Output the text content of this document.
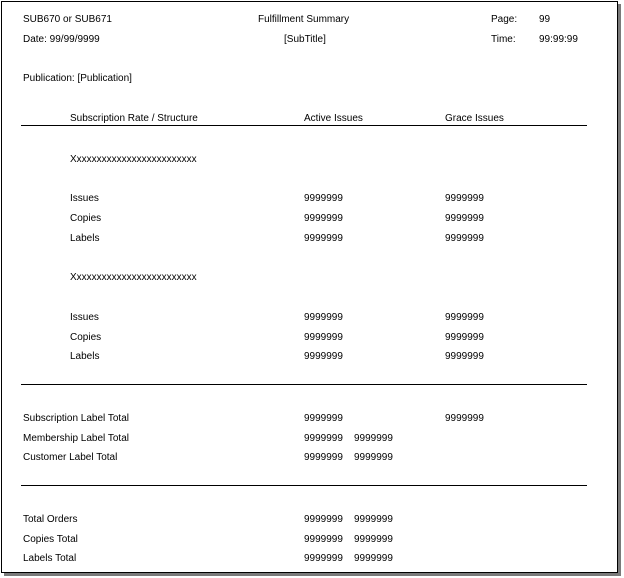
SUB670 or SUB671	Fulfillment Summary	Page: 99
Date: 99/99/9999	[SubTitle]	Time: 99:99:99
Publication: [Publication]
Subscription Rate / Structure	Active Issues	Grace Issues
Xxxxxxxxxxxxxxxxxxxxxxxxx
Issues	9999999	9999999
Copies	9999999	9999999
Labels	9999999	9999999
Xxxxxxxxxxxxxxxxxxxxxxxxx
Issues	9999999	9999999
Copies	9999999	9999999
Labels	9999999	9999999
Subscription Label Total	9999999	9999999
Membership Label Total	9999999 9999999
Customer Label Total	9999999 9999999
Total Orders	9999999 9999999
Copies Total	9999999 9999999
Labels Total	9999999 9999999
